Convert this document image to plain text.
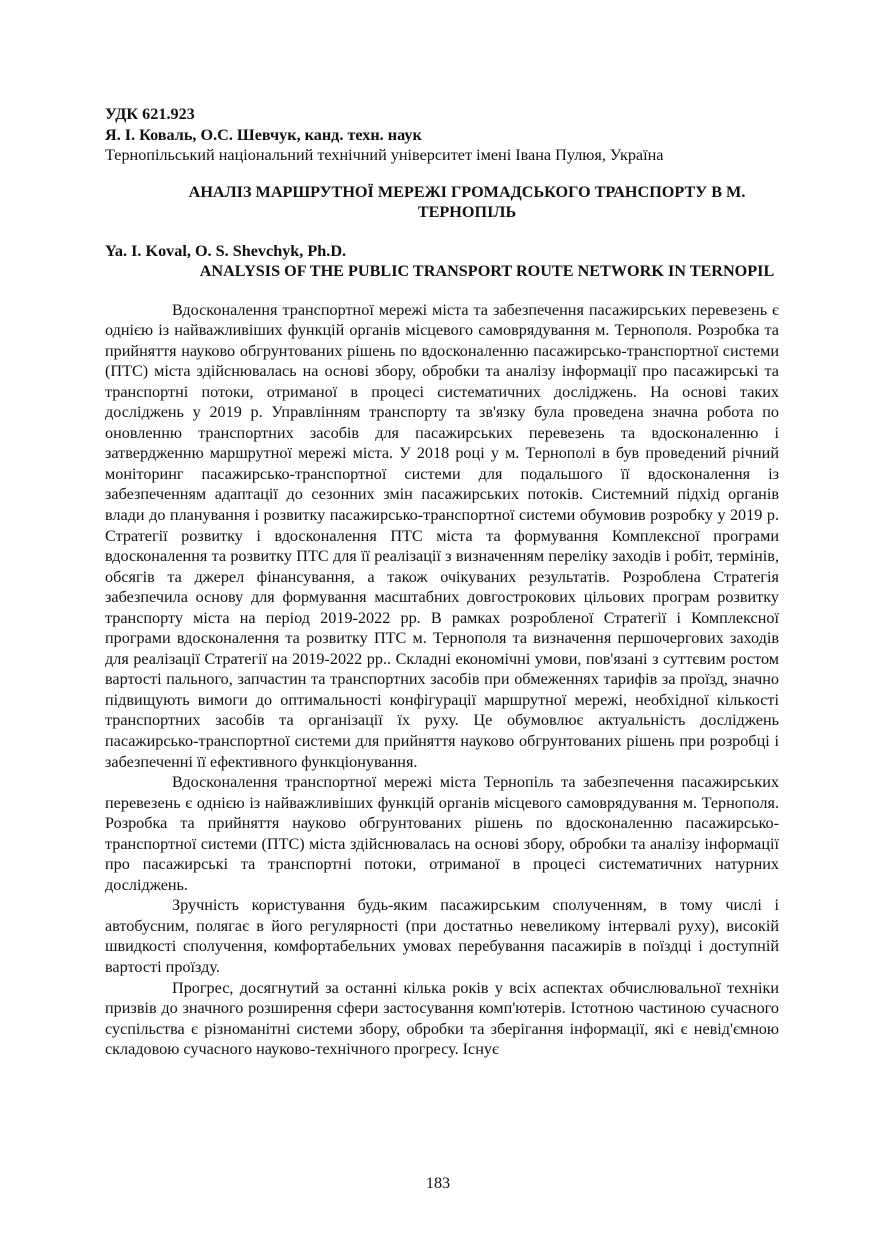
УДК 621.923

Я. І. Коваль, О.С. Шевчук, канд. техн. наук

Тернопільський національний технічний університет імені Івана Пулюя, Україна

АНАЛІЗ МАРШРУТНОЇ МЕРЕЖІ ГРОМАДСЬКОГО ТРАНСПОРТУ В М. ТЕРНОПІЛЬ

Ya. I. Koval, O. S. Shevchyk, Ph.D.

ANALYSIS OF THE PUBLIC TRANSPORT ROUTE NETWORK IN TERNOPIL

Вдосконалення транспортної мережі міста та забезпечення пасажирських перевезень є однією із найважливіших функцій органів місцевого самоврядування м. Тернополя. Розробка та прийняття науково обгрунтованих рішень по вдосконаленню пасажирсько-транспортної системи (ПТС) міста здійснювалась на основі збору, обробки та аналізу інформації про пасажирські та транспортні потоки, отриманої в процесі систематичних досліджень. На основі таких досліджень у 2019 р. Управлінням транспорту та зв'язку була проведена значна робота по оновленню транспортних засобів для пасажирських перевезень та вдосконаленню і затвердженню маршрутної мережі міста. У 2018 році у м. Тернополі в був проведений річний моніторинг пасажирсько-транспортної системи для подальшого її вдосконалення із забезпеченням адаптації до сезонних змін пасажирських потоків. Системний підхід органів влади до планування і розвитку пасажирсько-транспортної системи обумовив розробку у 2019 р. Стратегії розвитку і вдосконалення ПТС міста та формування Комплексної програми вдосконалення та розвитку ПТС для її реалізації з визначенням переліку заходів і робіт, термінів, обсягів та джерел фінансування, а також очікуваних результатів. Розроблена Стратегія забезпечила основу для формування масштабних довгострокових цільових програм розвитку транспорту міста на період 2019-2022 рр. В рамках розробленої Стратегії і Комплексної програми вдосконалення та розвитку ПТС м. Тернополя та визначення першочергових заходів для реалізації Стратегії на 2019-2022 рр.. Складні економічні умови, пов'язані з суттєвим ростом вартості пального, запчастин та транспортних засобів при обмеженнях тарифів за проїзд, значно підвищують вимоги до оптимальності конфігурації маршрутної мережі, необхідної кількості транспортних засобів та організації їх руху. Це обумовлює актуальність досліджень пасажирсько-транспортної системи для прийняття науково обгрунтованих рішень при розробці і забезпеченні її ефективного функціонування.

Вдосконалення транспортної мережі міста Тернопіль та забезпечення пасажирських перевезень є однією із найважливіших функцій органів місцевого самоврядування м. Тернополя. Розробка та прийняття науково обгрунтованих рішень по вдосконаленню пасажирсько-транспортної системи (ПТС) міста здійснювалась на основі збору, обробки та аналізу інформації про пасажирські та транспортні потоки, отриманої в процесі систематичних натурних досліджень.

Зручність користування будь-яким пасажирським сполученням, в тому числі і автобусним, полягає в його регулярності (при достатньо невеликому інтервалі руху), високій швидкості сполучення, комфортабельних умовах перебування пасажирів в поїздці і доступній вартості проїзду.

Прогрес, досягнутий за останні кілька років у всіх аспектах обчислювальної техніки призвів до значного розширення сфери застосування комп'ютерів. Істотною частиною сучасного суспільства є різноманітні системи збору, обробки та зберігання інформації, які є невід'ємною складовою сучасного науково-технічного прогресу. Існує

183
